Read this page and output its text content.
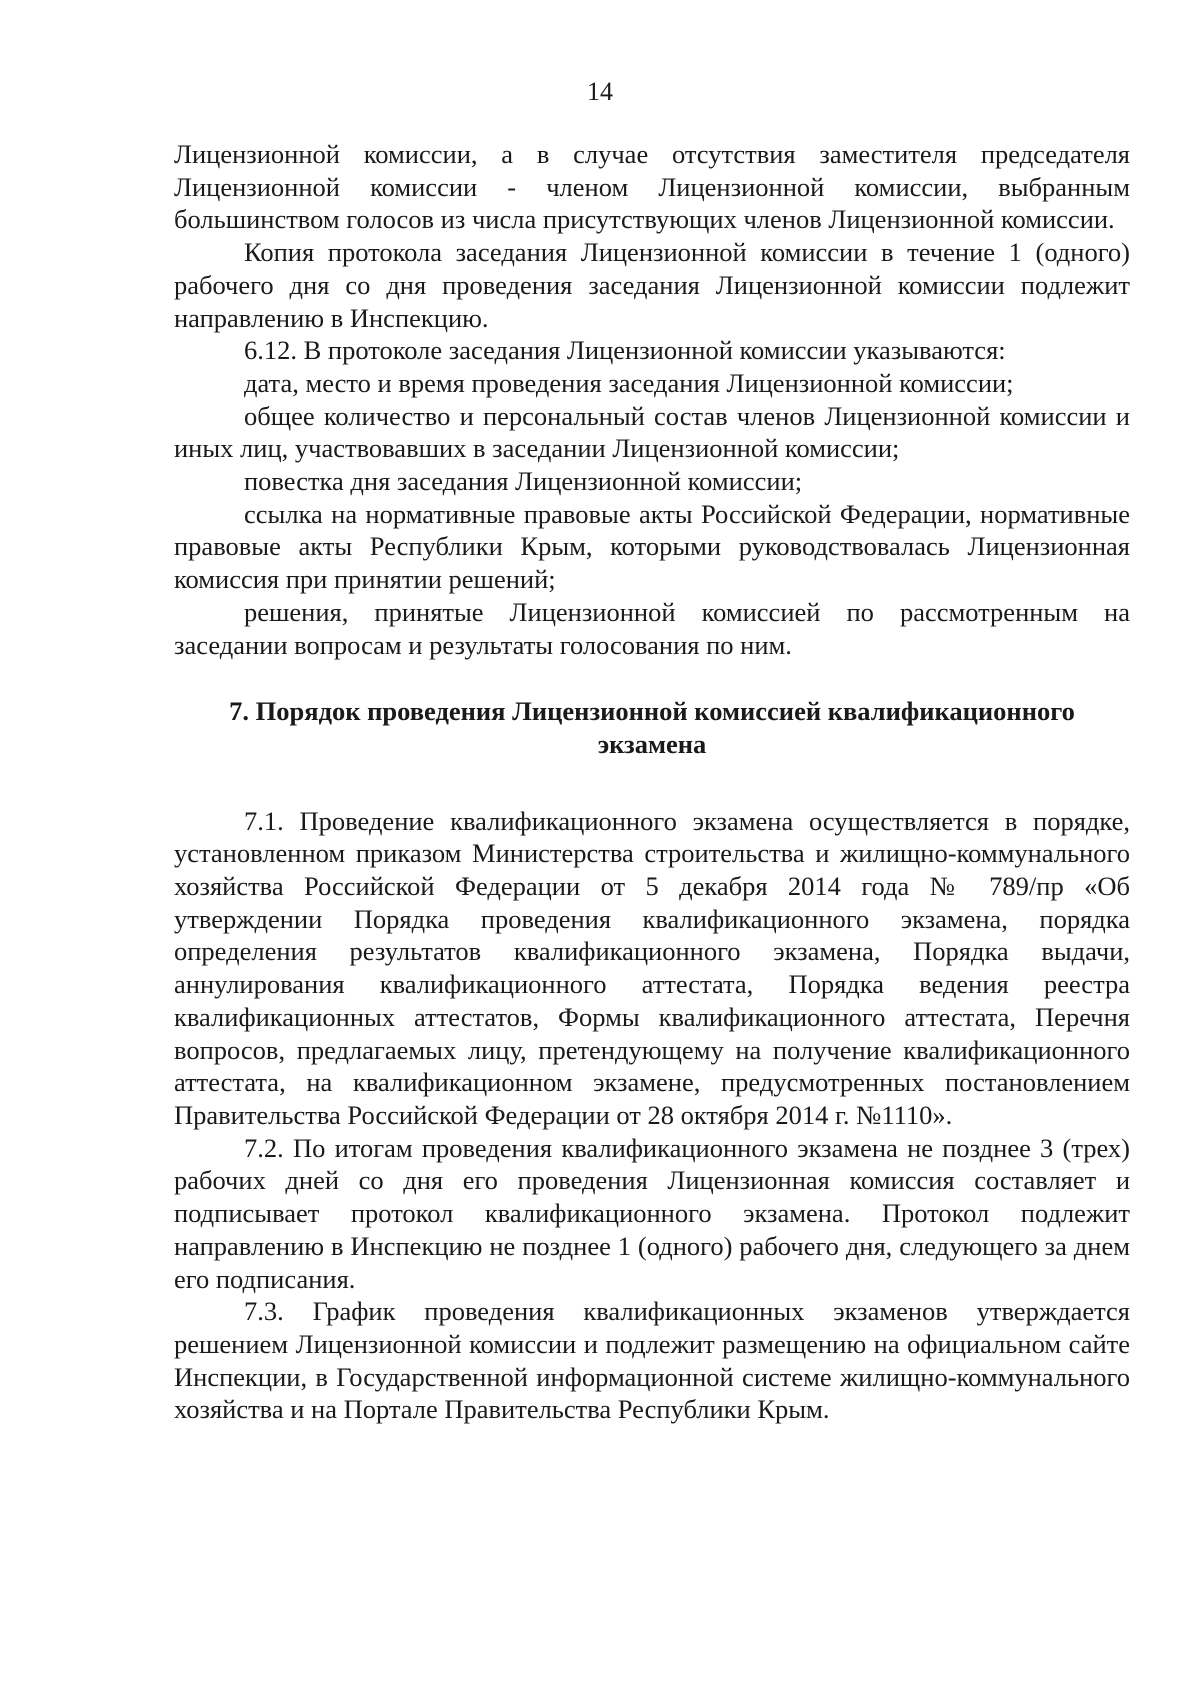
14

Лицензионной комиссии, а в случае отсутствия заместителя председателя Лицензионной комиссии - членом Лицензионной комиссии, выбранным большинством голосов из числа присутствующих членов Лицензионной комиссии.

Копия протокола заседания Лицензионной комиссии в течение 1 (одного) рабочего дня со дня проведения заседания Лицензионной комиссии подлежит направлению в Инспекцию.

6.12. В протоколе заседания Лицензионной комиссии указываются:

дата, место и время проведения заседания Лицензионной комиссии;

общее количество и персональный состав членов Лицензионной комиссии и иных лиц, участвовавших в заседании Лицензионной комиссии;

повестка дня заседания Лицензионной комиссии;

ссылка на нормативные правовые акты Российской Федерации, нормативные правовые акты Республики Крым, которыми руководствовалась Лицензионная комиссия при принятии решений;

решения, принятые Лицензионной комиссией по рассмотренным на заседании вопросам и результаты голосования по ним.

7. Порядок проведения Лицензионной комиссией квалификационного экзамена

7.1. Проведение квалификационного экзамена осуществляется в порядке, установленном приказом Министерства строительства и жилищно-коммунального хозяйства Российской Федерации от 5 декабря 2014 года № 789/пр «Об утверждении Порядка проведения квалификационного экзамена, порядка определения результатов квалификационного экзамена, Порядка выдачи, аннулирования квалификационного аттестата, Порядка ведения реестра квалификационных аттестатов, Формы квалификационного аттестата, Перечня вопросов, предлагаемых лицу, претендующему на получение квалификационного аттестата, на квалификационном экзамене, предусмотренных постановлением Правительства Российской Федерации от 28 октября 2014 г. №1110».

7.2. По итогам проведения квалификационного экзамена не позднее 3 (трех) рабочих дней со дня его проведения Лицензионная комиссия составляет и подписывает протокол квалификационного экзамена. Протокол подлежит направлению в Инспекцию не позднее 1 (одного) рабочего дня, следующего за днем его подписания.

7.3. График проведения квалификационных экзаменов утверждается решением Лицензионной комиссии и подлежит размещению на официальном сайте Инспекции, в Государственной информационной системе жилищно-коммунального хозяйства и на Портале Правительства Республики Крым.
